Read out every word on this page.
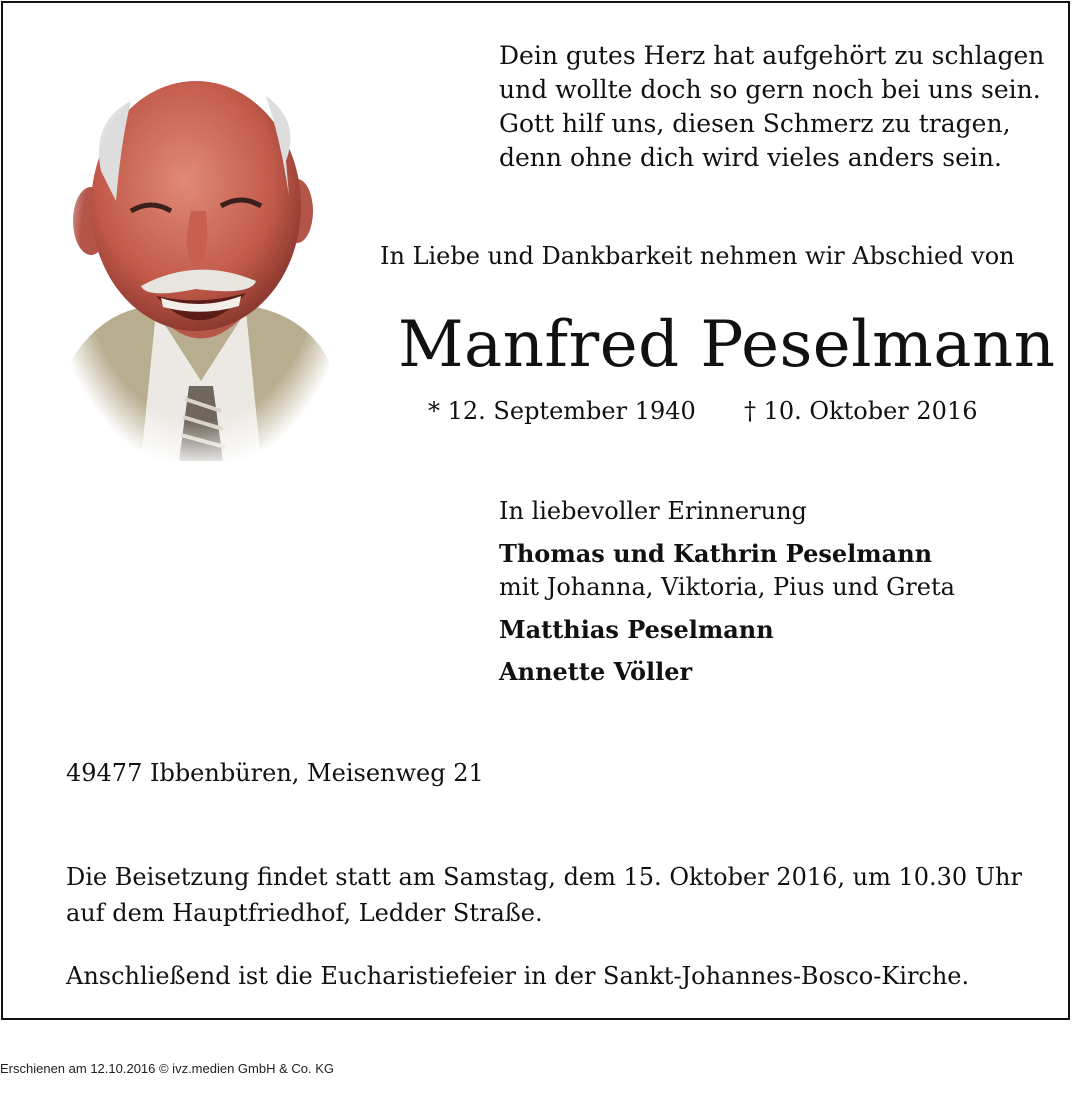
Dein gutes Herz hat aufgehört zu schlagen
und wollte doch so gern noch bei uns sein.
Gott hilf uns, diesen Schmerz zu tragen,
denn ohne dich wird vieles anders sein.
In Liebe und Dankbarkeit nehmen wir Abschied von
Manfred Peselmann
* 12. September 1940 † 10. Oktober 2016
In liebevoller Erinnerung
Thomas und Kathrin Peselmann
mit Johanna, Viktoria, Pius und Greta
Matthias Peselmann
Annette Völler
49477 Ibbenbüren, Meisenweg 21
Die Beisetzung findet statt am Samstag, dem 15. Oktober 2016, um 10.30 Uhr
auf dem Hauptfriedhof, Ledder Straße.
Anschließend ist die Eucharistiefeier in der Sankt-Johannes-Bosco-Kirche.
Erschienen am 12.10.2016 © ivz.medien GmbH & Co. KG
